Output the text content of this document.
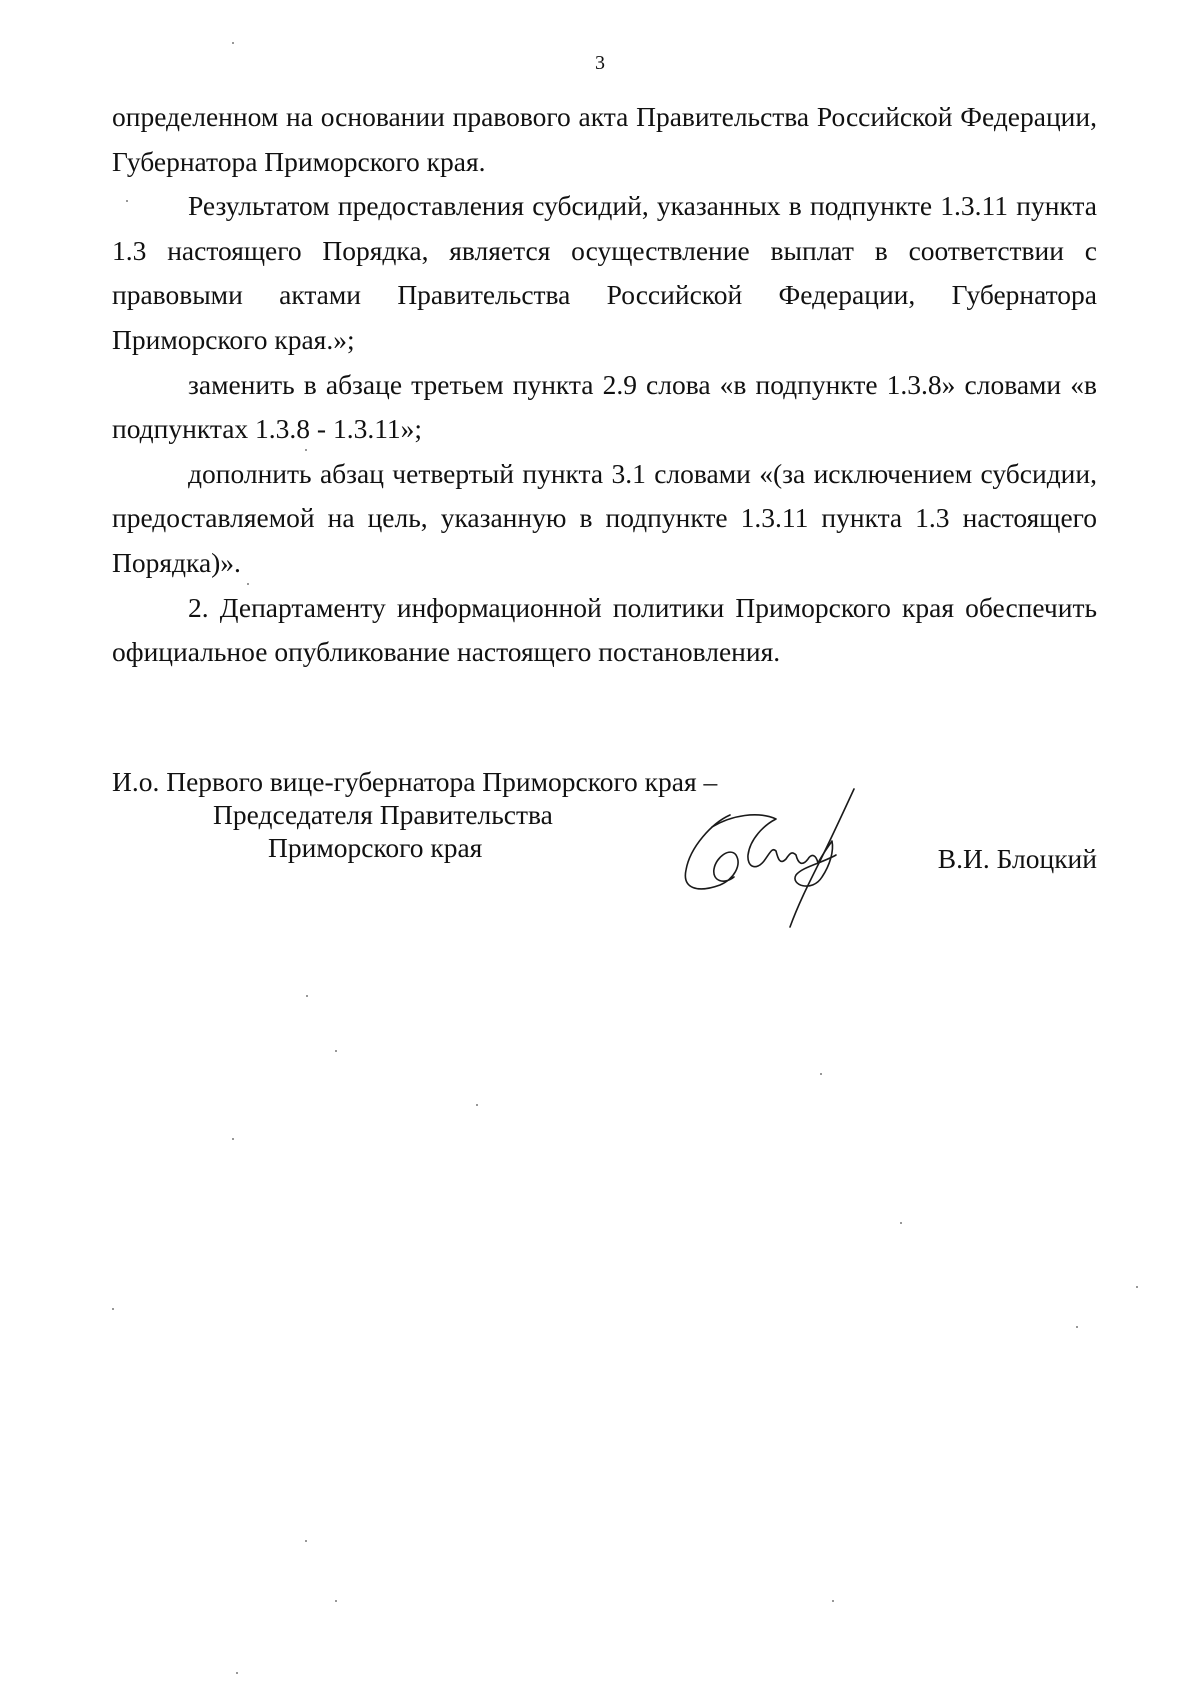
3

определенном на основании правового акта Правительства Российской Федерации, Губернатора Приморского края.

Результатом предоставления субсидий, указанных в подпункте 1.3.11 пункта 1.3 настоящего Порядка, является осуществление выплат в соответствии с правовыми актами Правительства Российской Федерации, Губернатора Приморского края.»;

заменить в абзаце третьем пункта 2.9 слова «в подпункте 1.3.8» словами «в подпунктах 1.3.8 - 1.3.11»;

дополнить абзац четвертый пункта 3.1 словами «(за исключением субсидии, предоставляемой на цель, указанную в подпункте 1.3.11 пункта 1.3 настоящего Порядка)».

2. Департаменту информационной политики Приморского края обеспечить официальное опубликование настоящего постановления.

И.о. Первого вице-губернатора Приморского края –
Председателя Правительства
Приморского края	В.И. Блоцкий
